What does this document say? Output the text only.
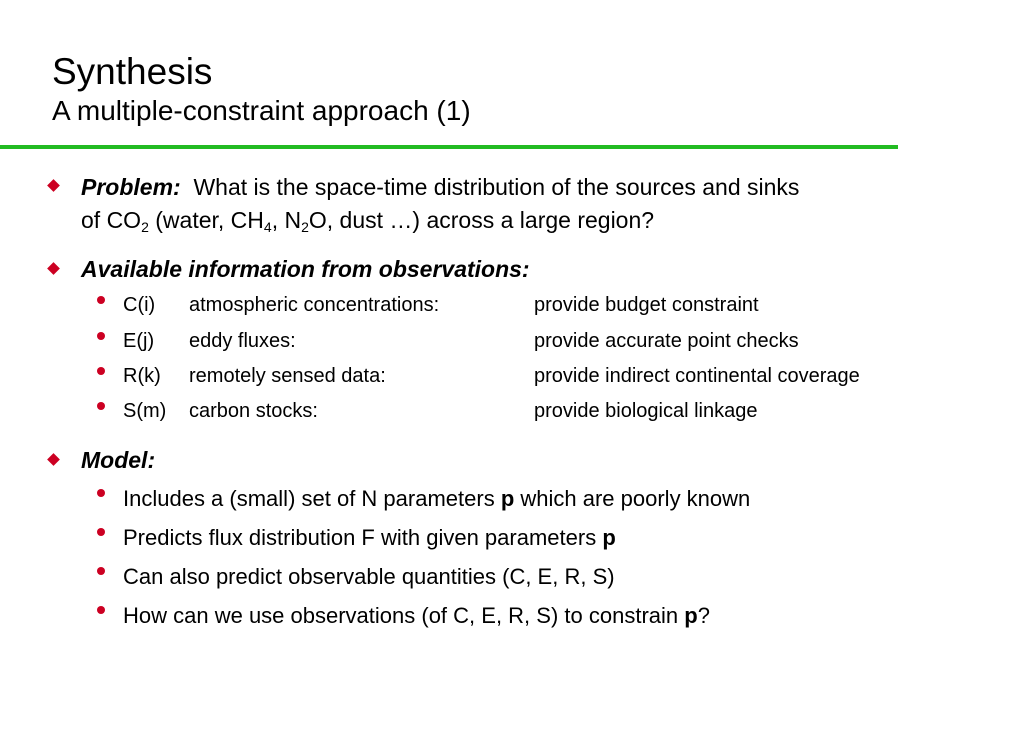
Synthesis
A multiple-constraint approach (1)
Problem: What is the space-time distribution of the sources and sinks
of $CO_2$ (water, $CH_4$, $N_2O$, dust …) across a large region?
Available information from observations:
C(i) atmospheric concentrations:	provide budget constraint
E(j) eddy fluxes:	provide accurate point checks
R(k) remotely sensed data:	provide indirect continental coverage
S(m) carbon stocks:	provide biological linkage
Model:
Includes a (small) set of N parameters p which are poorly known
Predicts flux distribution F with given parameters p
Can also predict observable quantities (C, E, R, S)
How can we use observations (of C, E, R, S) to constrain p?
